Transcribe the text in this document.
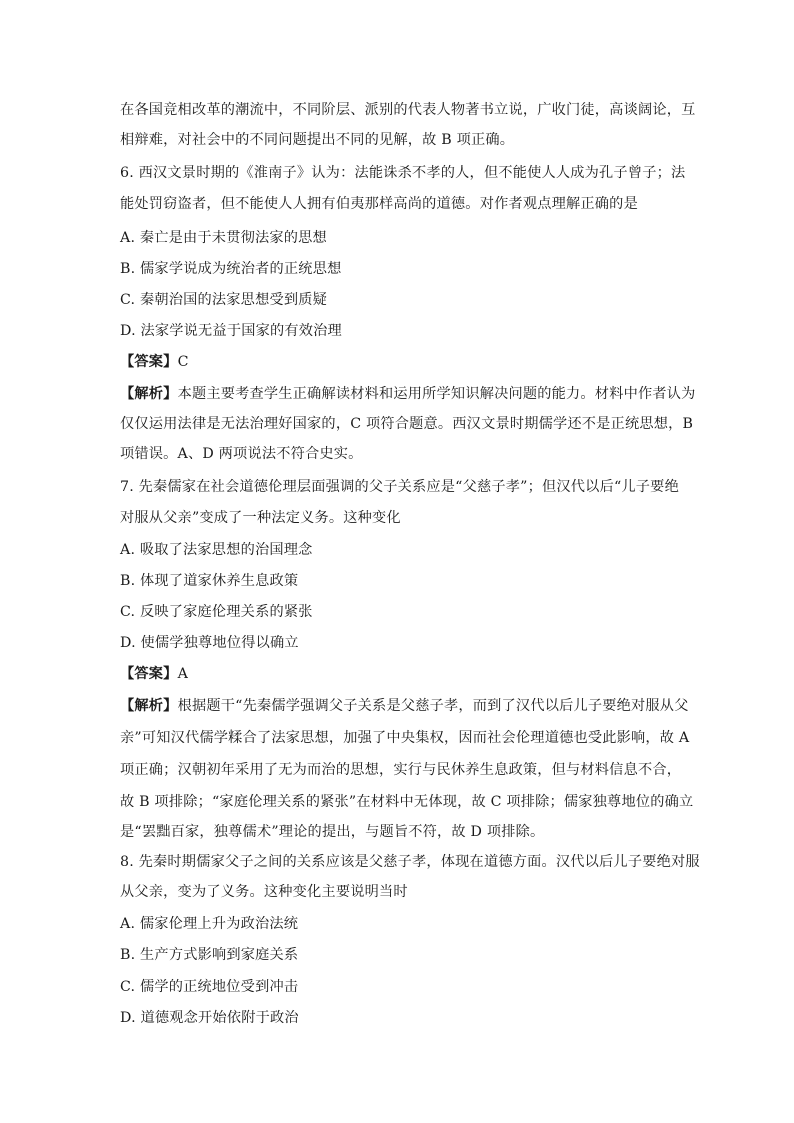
在各国竞相改革的潮流中，不同阶层、派别的代表人物著书立说，广收门徒，高谈阔论，互
相辩难，对社会中的不同问题提出不同的见解，故 B 项正确。
6. 西汉文景时期的《淮南子》认为：法能诛杀不孝的人，但不能使人人成为孔子曾子；法
能处罚窃盗者，但不能使人人拥有伯夷那样高尚的道德。对作者观点理解正确的是
A. 秦亡是由于未贯彻法家的思想
B. 儒家学说成为统治者的正统思想
C. 秦朝治国的法家思想受到质疑
D. 法家学说无益于国家的有效治理
【答案】C
【解析】本题主要考查学生正确解读材料和运用所学知识解决问题的能力。材料中作者认为
仅仅运用法律是无法治理好国家的，C 项符合题意。西汉文景时期儒学还不是正统思想，B
项错误。A、D 两项说法不符合史实。
7. 先秦儒家在社会道德伦理层面强调的父子关系应是“父慈子孝”；但汉代以后“儿子要绝
对服从父亲”变成了一种法定义务。这种变化
A. 吸取了法家思想的治国理念
B. 体现了道家休养生息政策
C. 反映了家庭伦理关系的紧张
D. 使儒学独尊地位得以确立
【答案】A
【解析】根据题干“先秦儒学强调父子关系是父慈子孝，而到了汉代以后儿子要绝对服从父
亲”可知汉代儒学糅合了法家思想，加强了中央集权，因而社会伦理道德也受此影响，故 A
项正确；汉朝初年采用了无为而治的思想，实行与民休养生息政策，但与材料信息不合，
故 B 项排除；“家庭伦理关系的紧张”在材料中无体现，故 C 项排除；儒家独尊地位的确立
是“罢黜百家，独尊儒术”理论的提出，与题旨不符，故 D 项排除。
8. 先秦时期儒家父子之间的关系应该是父慈子孝，体现在道德方面。汉代以后儿子要绝对服
从父亲，变为了义务。这种变化主要说明当时
A. 儒家伦理上升为政治法统
B. 生产方式影响到家庭关系
C. 儒学的正统地位受到冲击
D. 道德观念开始依附于政治
